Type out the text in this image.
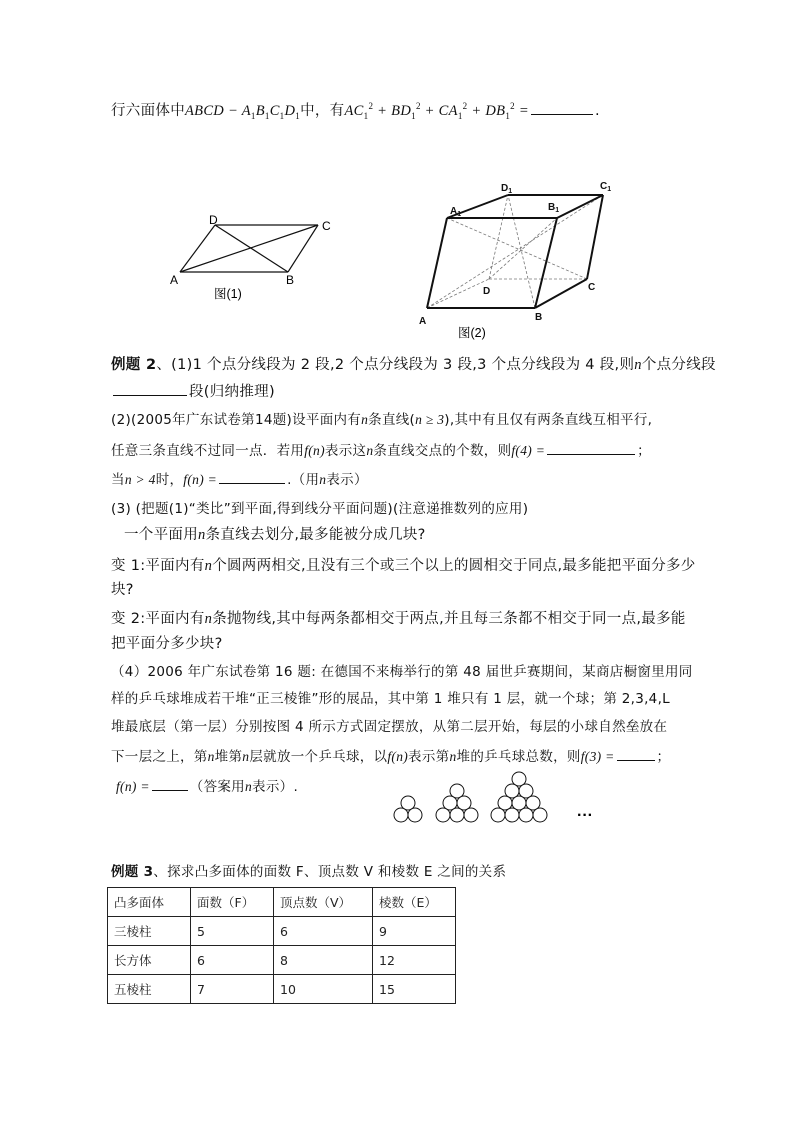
行六面体中ABCD − $A_1B_1C_1D_1$中，有$AC_1^2 + BD_1^2 + CA_1^2 + DB_1^2$ =	.
A	B
C
D
图(1)
A	B
C
D
$A_1$
$B_1$
$C_1$
$D_1$
图(2)
例题 2、(1)1 个点分线段为 2 段,2 个点分线段为 3 段,3 个点分线段为 4 段,则n个点分线段
段(归纳推理)
(2)(2005年广东试卷第14题)设平面内有n条直线(n ≥ 3),其中有且仅有两条直线互相平行,
任意三条直线不过同一点．若用f(n)表示这n条直线交点的个数，则f(4) =	；
当n > 4时，f(n) =	.（用n表示）
(3) (把题(1)“类比”到平面,得到线分平面问题)(注意递推数列的应用)
一个平面用n条直线去划分,最多能被分成几块?
变 1:平面内有n个圆两两相交,且没有三个或三个以上的圆相交于同点,最多能把平面分多少
块?
变 2:平面内有n条抛物线,其中每两条都相交于两点,并且每三条都不相交于同一点,最多能
把平面分多少块?
（4）2006 年广东试卷第 16 题: 在德国不来梅举行的第 48 届世乒赛期间，某商店橱窗里用同
样的乒乓球堆成若干堆“正三棱锥”形的展品，其中第 1 堆只有 1 层，就一个球；第 2,3,4,L
堆最底层（第一层）分别按图 4 所示方式固定摆放，从第二层开始，每层的小球自然垒放在
下一层之上，第n堆第n层就放一个乒乓球，以f(n)表示第n堆的乒乓球总数，则f(3) =	；
f(n) =	（答案用n表示）.
···
例题 3、探求凸多面体的面数 F、顶点数 V 和棱数 E 之间的关系
凸多面体	面数（F）	顶点数（V）	棱数（E）
三棱柱	5	6	9
长方体	6	8	12
五棱柱	7	10	15
